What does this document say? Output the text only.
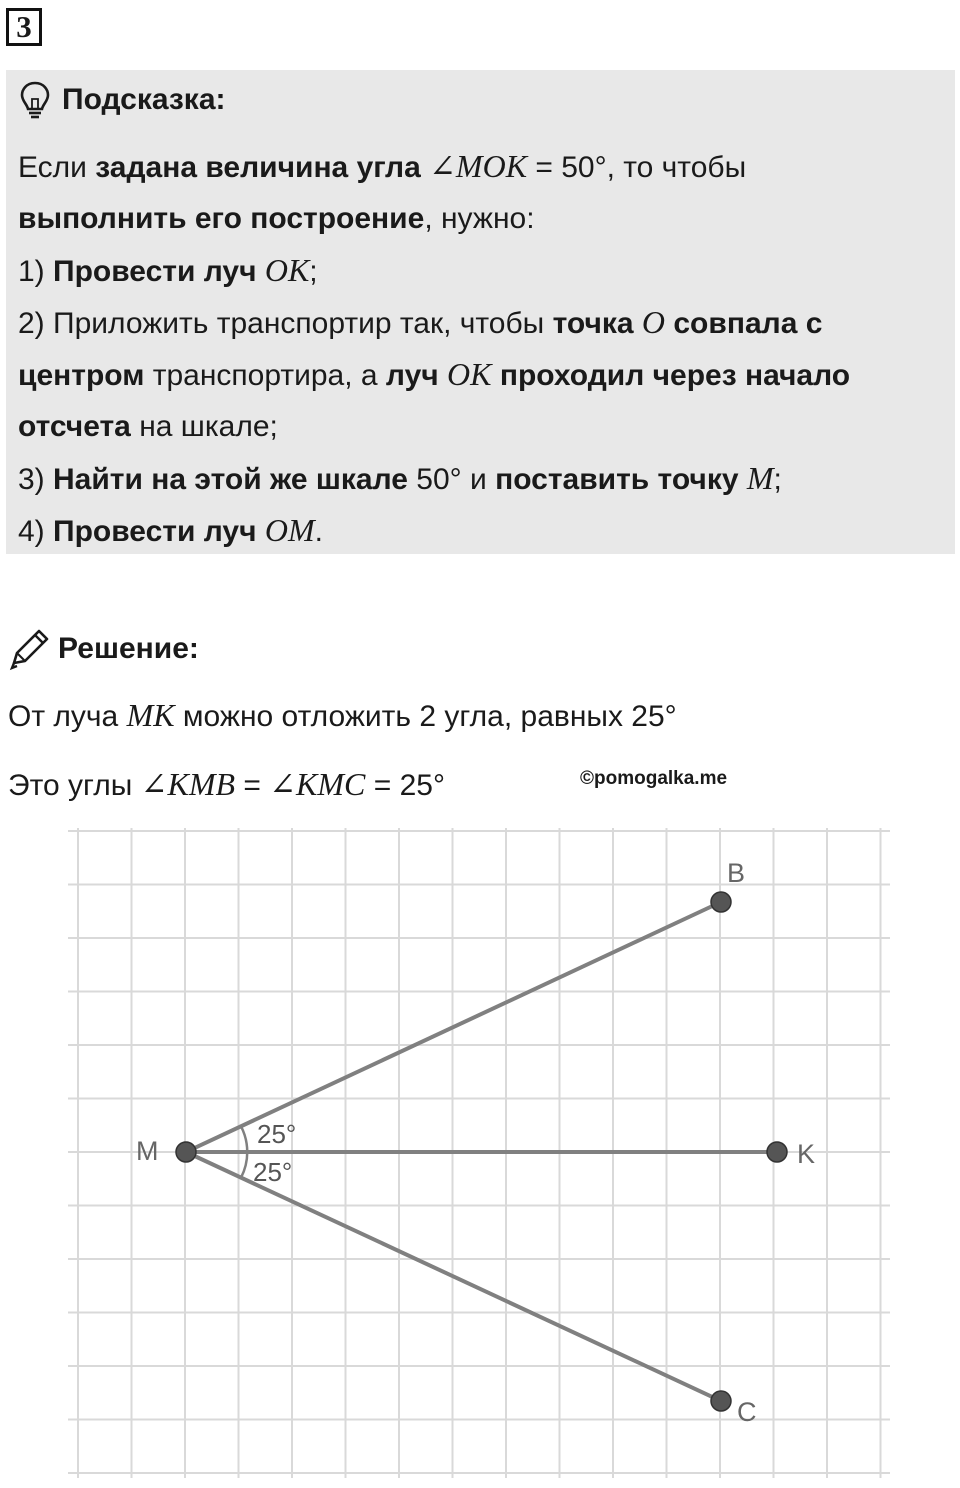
3
Подсказка:

Если задана величина угла ∠MOK = 50°, то чтобы

выполнить его построение, нужно:

1) Провести луч OK;

2) Приложить транспортир так, чтобы точка O совпала с

центром транспортира, а луч OK проходил через начало

отсчета на шкале;

3) Найти на этой же шкале 50° и поставить точку M;

4) Провести луч OM.

Решение:
От луча MK можно отложить 2 угла, равных 25°
Это углы ∠KMB = ∠KMC = 25°	©pomogalka.me
25°
25°
M
B
K
C
